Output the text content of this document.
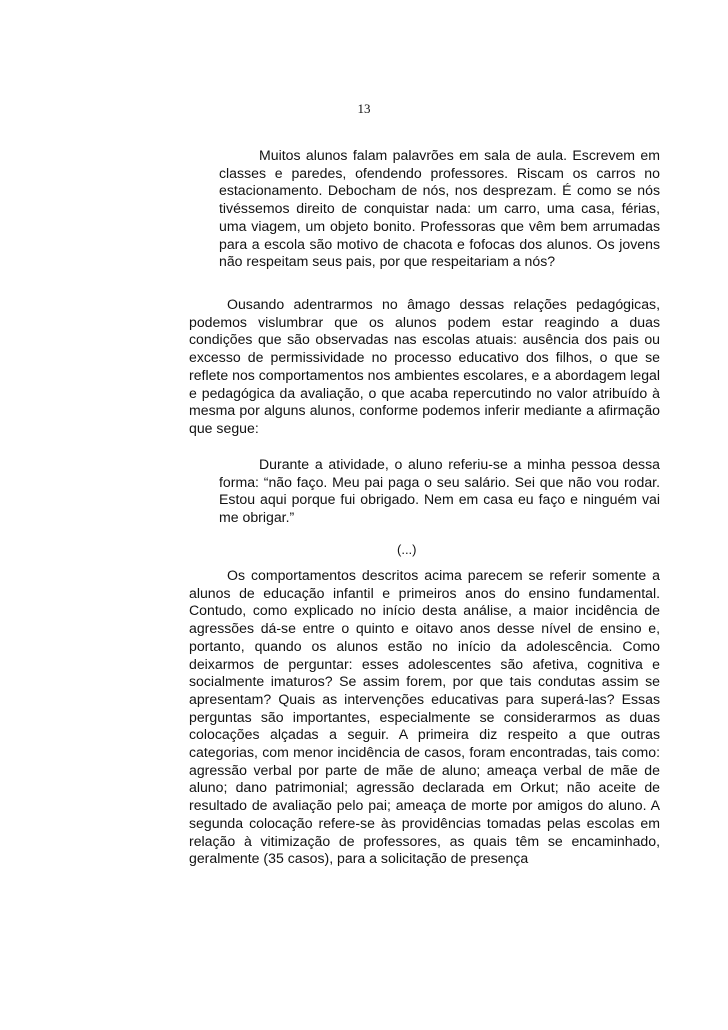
13

Muitos alunos falam palavrões em sala de aula. Escrevem em classes e paredes, ofendendo professores. Riscam os carros no estacionamento. Debocham de nós, nos desprezam. É como se nós tivéssemos direito de conquistar nada: um carro, uma casa, férias, uma viagem, um objeto bonito. Professoras que vêm bem arrumadas para a escola são motivo de chacota e fofocas dos alunos. Os jovens não respeitam seus pais, por que respeitariam a nós?

Ousando adentrarmos no âmago dessas relações pedagógicas, podemos vislumbrar que os alunos podem estar reagindo a duas condições que são observadas nas escolas atuais: ausência dos pais ou excesso de permissividade no processo educativo dos filhos, o que se reflete nos comportamentos nos ambientes escolares, e a abordagem legal e pedagógica da avaliação, o que acaba repercutindo no valor atribuído à mesma por alguns alunos, conforme podemos inferir mediante a afirmação que segue:

Durante a atividade, o aluno referiu-se a minha pessoa dessa forma: “não faço. Meu pai paga o seu salário. Sei que não vou rodar. Estou aqui porque fui obrigado. Nem em casa eu faço e ninguém vai me obrigar.”

(...)

Os comportamentos descritos acima parecem se referir somente a alunos de educação infantil e primeiros anos do ensino fundamental. Contudo, como explicado no início desta análise, a maior incidência de agressões dá-se entre o quinto e oitavo anos desse nível de ensino e, portanto, quando os alunos estão no início da adolescência. Como deixarmos de perguntar: esses adolescentes são afetiva, cognitiva e socialmente imaturos? Se assim forem, por que tais condutas assim se apresentam? Quais as intervenções educativas para superá-las? Essas perguntas são importantes, especialmente se considerarmos as duas colocações alçadas a seguir. A primeira diz respeito a que outras categorias, com menor incidência de casos, foram encontradas, tais como: agressão verbal por parte de mãe de aluno; ameaça verbal de mãe de aluno; dano patrimonial; agressão declarada em Orkut; não aceite de resultado de avaliação pelo pai; ameaça de morte por amigos do aluno. A segunda colocação refere-se às providências tomadas pelas escolas em relação à vitimização de professores, as quais têm se encaminhado, geralmente (35 casos), para a solicitação de presença
